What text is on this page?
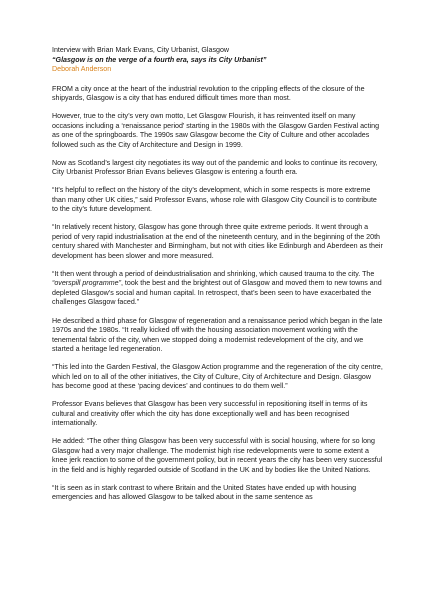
Interview with Brian Mark Evans, City Urbanist, Glasgow

“Glasgow is on the verge of a fourth era, says its City Urbanist”

Deborah Anderson

FROM a city once at the heart of the industrial revolution to the crippling effects of the closure of the shipyards, Glasgow is a city that has endured difficult times more than most.

However, true to the city’s very own motto, Let Glasgow Flourish, it has reinvented itself on many occasions including a ‘renaissance period’ starting in the 1980s with the Glasgow Garden Festival acting as one of the springboards. The 1990s saw Glasgow become the City of Culture and other accolades followed such as the City of Architecture and Design in 1999.

Now as Scotland’s largest city negotiates its way out of the pandemic and looks to continue its recovery, City Urbanist Professor Brian Evans believes Glasgow is entering a fourth era.

“It’s helpful to reflect on the history of the city’s development, which in some respects is more extreme than many other UK cities,” said Professor Evans, whose role with Glasgow City Council is to contribute to the city’s future development.

“In relatively recent history, Glasgow has gone through three quite extreme periods. It went through a period of very rapid industrialisation at the end of the nineteenth century, and in the beginning of the 20th century shared with Manchester and Birmingham, but not with cities like Edinburgh and Aberdeen as their development has been slower and more measured.

“It then went through a period of deindustrialisation and shrinking, which caused trauma to the city. The “overspill programme”, took the best and the brightest out of Glasgow and moved them to new towns and depleted Glasgow’s social and human capital. In retrospect, that’s been seen to have exacerbated the challenges Glasgow faced.”

He described a third phase for Glasgow of regeneration and a renaissance period which began in the late 1970s and the 1980s. “It really kicked off with the housing association movement working with the tenemental fabric of the city, when we stopped doing a modernist redevelopment of the city, and we started a heritage led regeneration.

“This led into the Garden Festival, the Glasgow Action programme and the regeneration of the city centre, which led on to all of the other initiatives, the City of Culture, City of Architecture and Design. Glasgow has become good at these ‘pacing devices’ and continues to do them well.”

Professor Evans believes that Glasgow has been very successful in repositioning itself in terms of its cultural and creativity offer which the city has done exceptionally well and has been recognised internationally.

He added: “The other thing Glasgow has been very successful with is social housing, where for so long Glasgow had a very major challenge. The modernist high rise redevelopments were to some extent a knee jerk reaction to some of the government policy, but in recent years the city has been very successful in the field and is highly regarded outside of Scotland in the UK and by bodies like the United Nations.

“It is seen as in stark contrast to where Britain and the United States have ended up with housing emergencies and has allowed Glasgow to be talked about in the same sentence as
